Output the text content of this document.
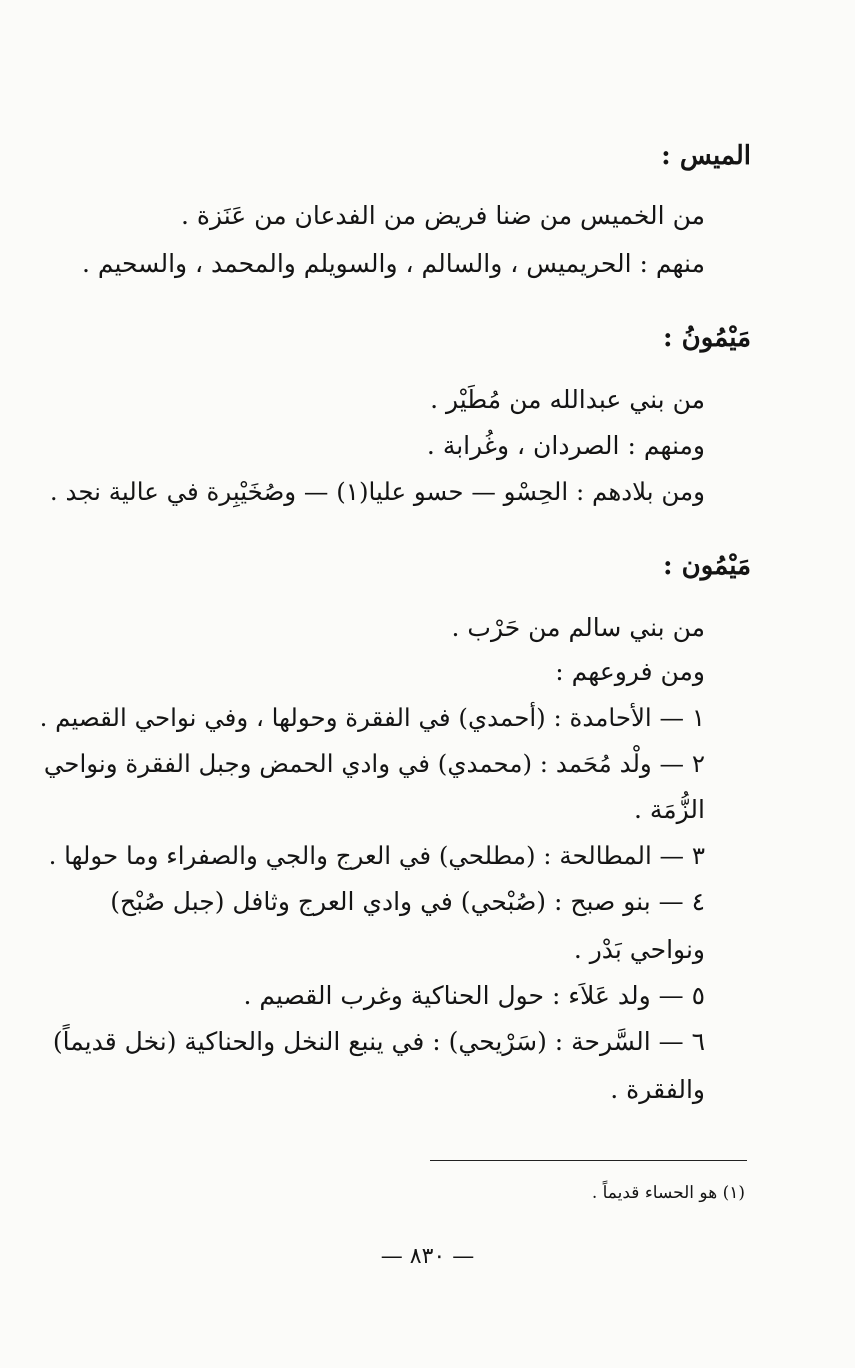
الميس :
من الخميس من ضنا فريض من الفدعان من عَنَزة .
منهم : الحريميس ، والسالم ، والسويلم والمحمد ، والسحيم .
مَيْمُونُ :
من بني عبدالله من مُطَيْر .
ومنهم : الصردان ، وغُرابة .
ومن بلادهم : الحِسْو — حسو عليا(١) — وصُخَيْبِرة في عالية نجد .
مَيْمُون :
من بني سالم من حَرْب .
ومن فروعهم :
١ — الأحامدة : (أحمدي) في الفقرة وحولها ، وفي نواحي القصيم .
٢ — ولْد مُحَمد : (محمدي) في وادي الحمض وجبل الفقرة ونواحي
الزُّمَة .
٣ — المطالحة : (مطلحي) في العرج والجي والصفراء وما حولها .
٤ — بنو صبح : (صُبْحي) في وادي العرج وثافل (جبل صُبْح)
ونواحي بَدْر .
٥ — ولد عَلاَء : حول الحناكية وغرب القصيم .
٦ — السَّرحة : (سَرْيحي) : في ينبع النخل والحناكية (نخل قديماً)
والفقرة .
(١) هو الحساء قديماً .
— ٨٣٠ —
